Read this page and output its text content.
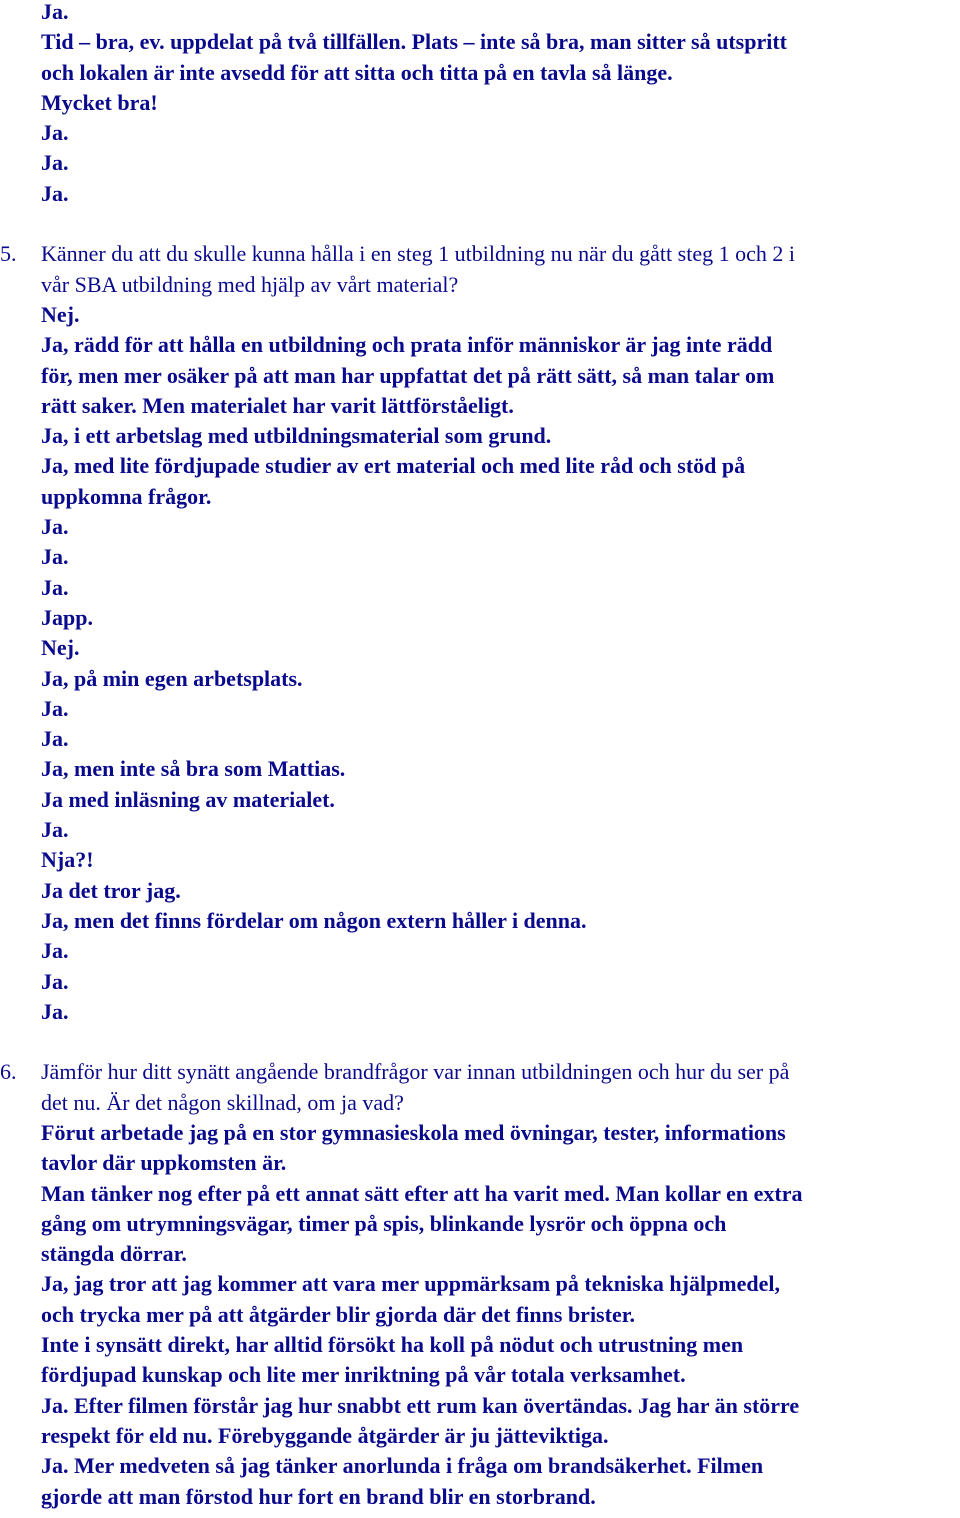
Ja.
Tid – bra, ev. uppdelat på två tillfällen. Plats – inte så bra, man sitter så utspritt
och lokalen är inte avsedd för att sitta och titta på en tavla så länge.
Mycket bra!
Ja.
Ja.
Ja.
5. Känner du att du skulle kunna hålla i en steg 1 utbildning nu när du gått steg 1 och 2 i
vår SBA utbildning med hjälp av vårt material?
Nej.
Ja, rädd för att hålla en utbildning och prata inför människor är jag inte rädd
för, men mer osäker på att man har uppfattat det på rätt sätt, så man talar om
rätt saker. Men materialet har varit lättförståeligt.
Ja, i ett arbetslag med utbildningsmaterial som grund.
Ja, med lite fördjupade studier av ert material och med lite råd och stöd på
uppkomna frågor.
Ja.
Ja.
Ja.
Japp.
Nej.
Ja, på min egen arbetsplats.
Ja.
Ja.
Ja, men inte så bra som Mattias.
Ja med inläsning av materialet.
Ja.
Nja?!
Ja det tror jag.
Ja, men det finns fördelar om någon extern håller i denna.
Ja.
Ja.
Ja.
6. Jämför hur ditt synätt angående brandfrågor var innan utbildningen och hur du ser på
det nu. Är det någon skillnad, om ja vad?
Förut arbetade jag på en stor gymnasieskola med övningar, tester, informations
tavlor där uppkomsten är.
Man tänker nog efter på ett annat sätt efter att ha varit med. Man kollar en extra
gång om utrymningsvägar, timer på spis, blinkande lysrör och öppna och
stängda dörrar.
Ja, jag tror att jag kommer att vara mer uppmärksam på tekniska hjälpmedel,
och trycka mer på att åtgärder blir gjorda där det finns brister.
Inte i synsätt direkt, har alltid försökt ha koll på nödut och utrustning men
fördjupad kunskap och lite mer inriktning på vår totala verksamhet.
Ja. Efter filmen förstår jag hur snabbt ett rum kan övertändas. Jag har än större
respekt för eld nu. Förebyggande åtgärder är ju jätteviktiga.
Ja. Mer medveten så jag tänker anorlunda i fråga om brandsäkerhet. Filmen
gjorde att man förstod hur fort en brand blir en storbrand.
